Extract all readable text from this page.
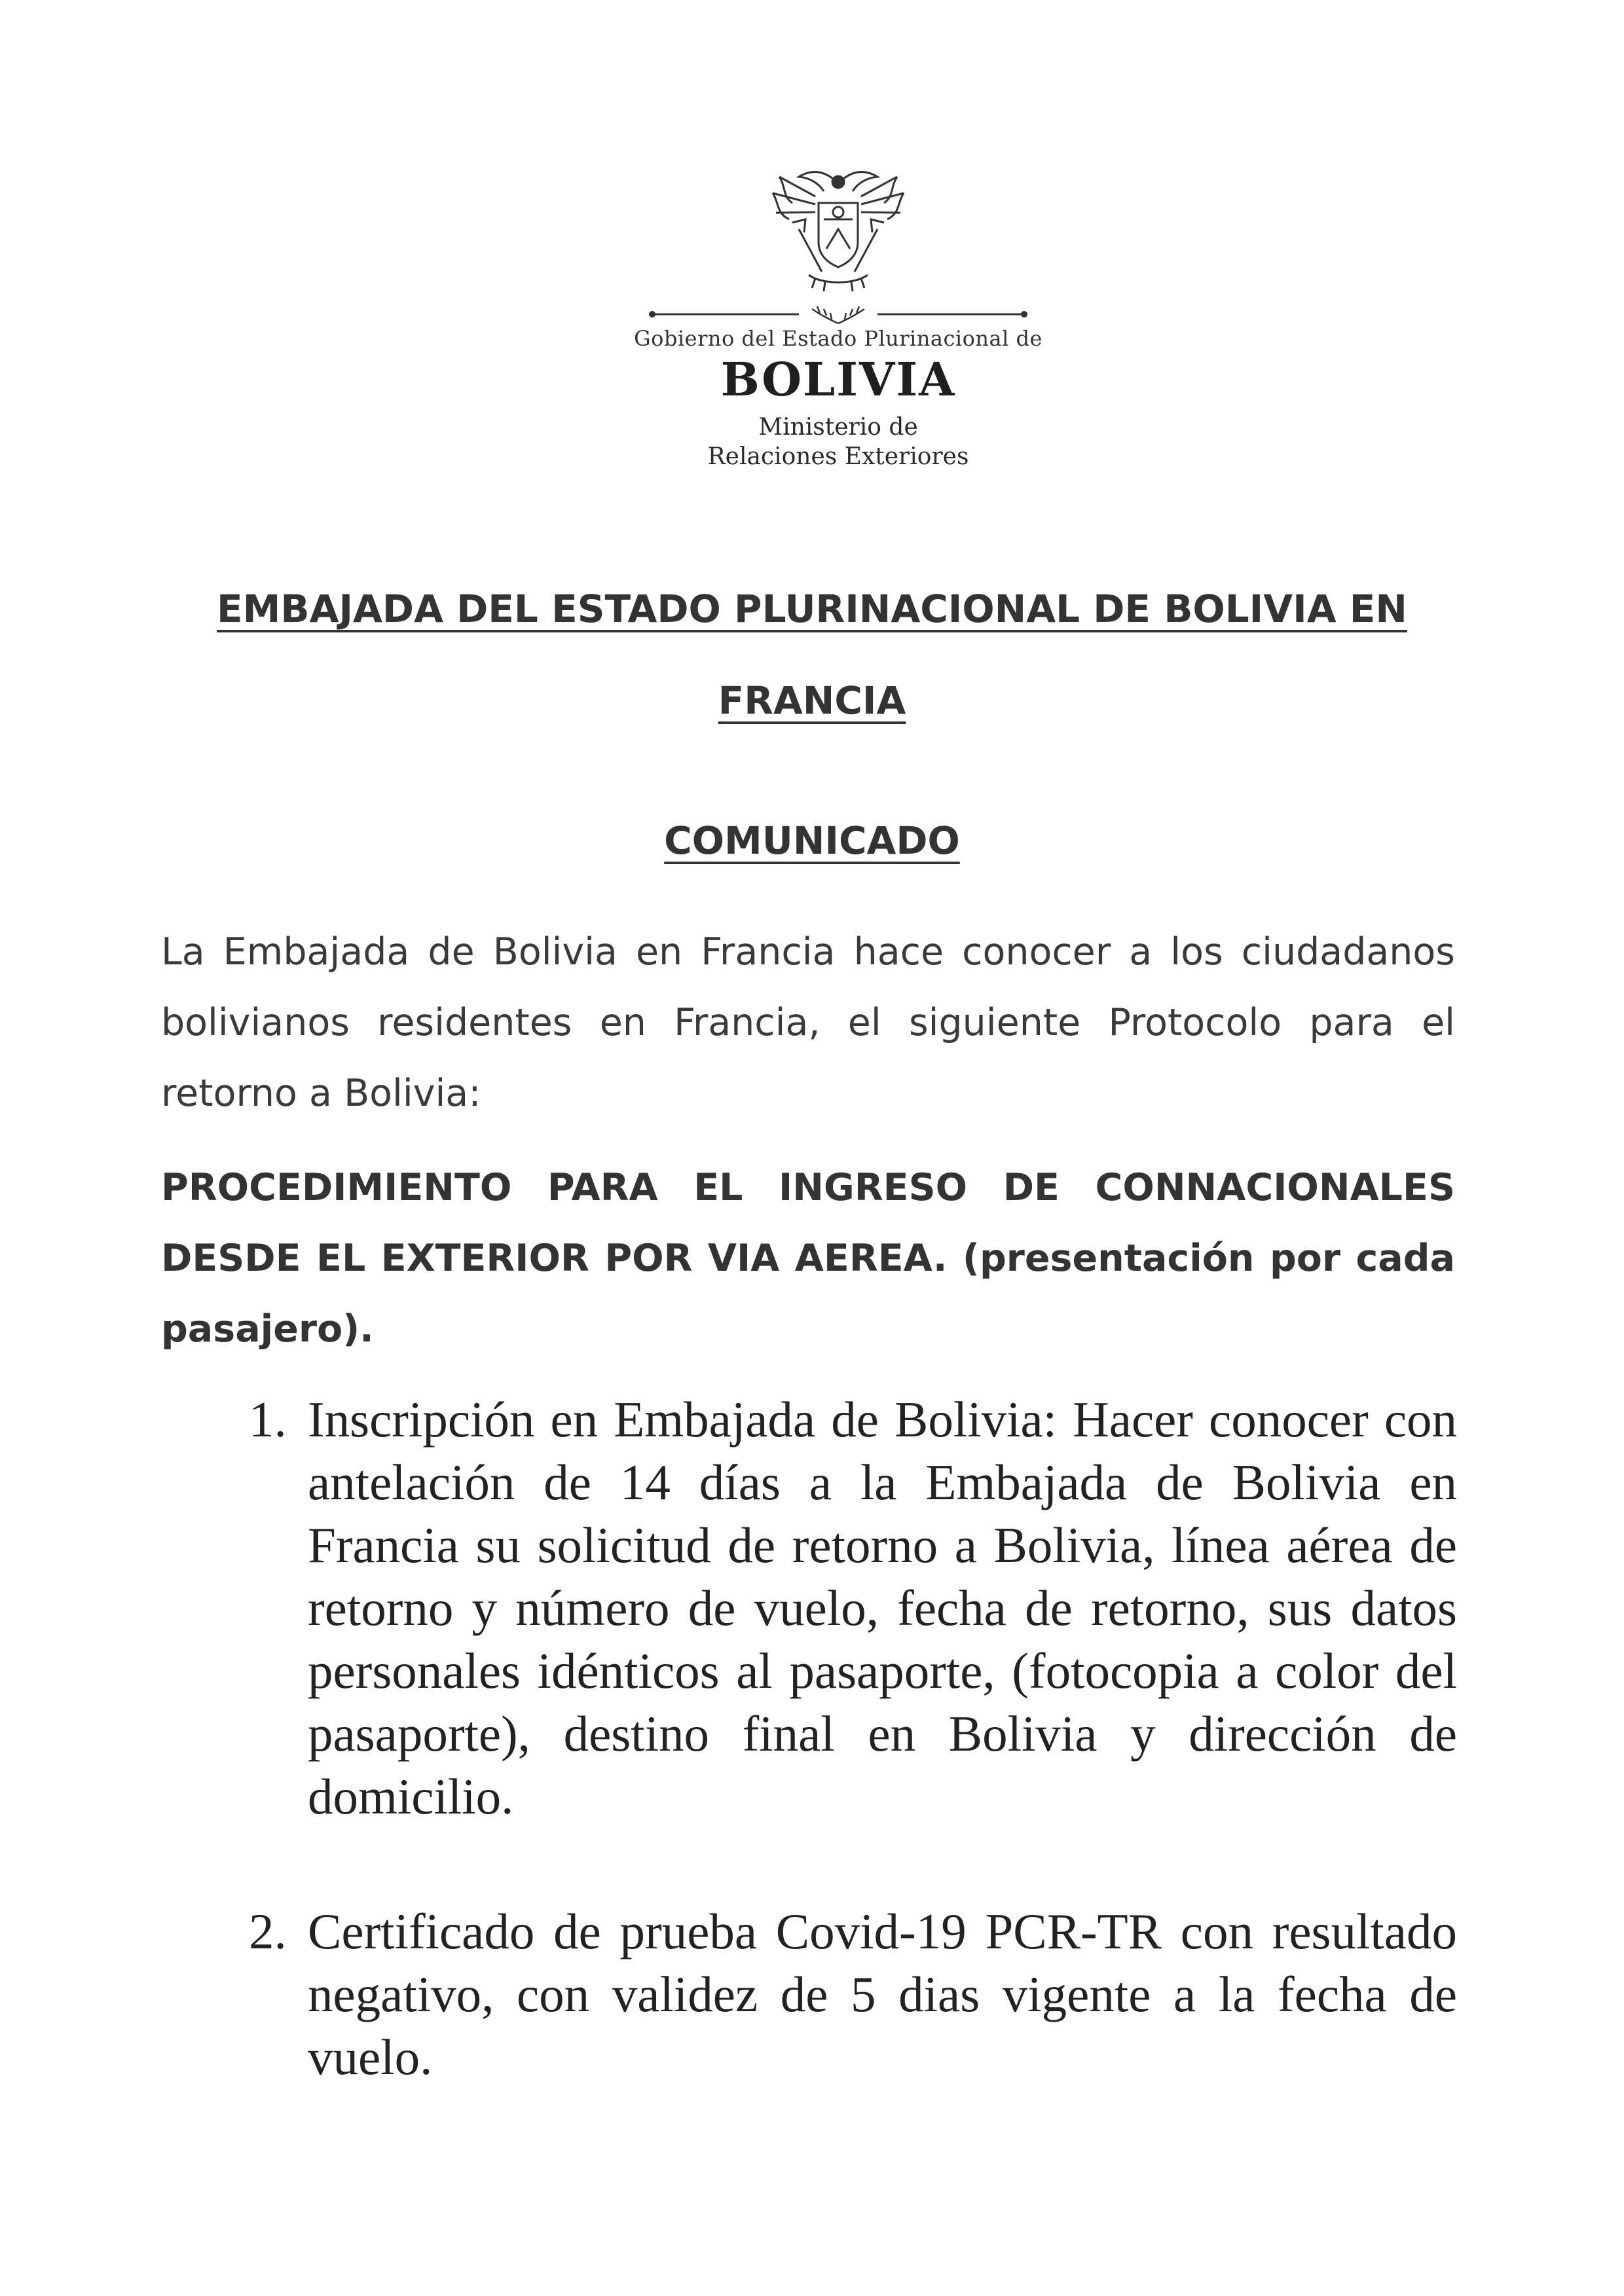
Gobierno del Estado Plurinacional de
BOLIVIA
Ministerio de
Relaciones Exteriores
EMBAJADA DEL ESTADO PLURINACIONAL DE BOLIVIA EN
FRANCIA
COMUNICADO
La Embajada de Bolivia en Francia hace conocer a los ciudadanos bolivianos residentes en Francia, el siguiente Protocolo para el retorno a Bolivia:
PROCEDIMIENTO PARA EL INGRESO DE CONNACIONALES DESDE EL EXTERIOR POR VIA AEREA. (presentación por cada pasajero).
1. Inscripción en Embajada de Bolivia: Hacer conocer con antelación de 14 días a la Embajada de Bolivia en Francia su solicitud de retorno a Bolivia, línea aérea de retorno y número de vuelo, fecha de retorno, sus datos personales idénticos al pasaporte, (fotocopia a color del pasaporte), destino final en Bolivia y dirección de domicilio.
2. Certificado de prueba Covid-19 PCR-TR con resultado negativo, con validez de 5 dias vigente a la fecha de vuelo.
